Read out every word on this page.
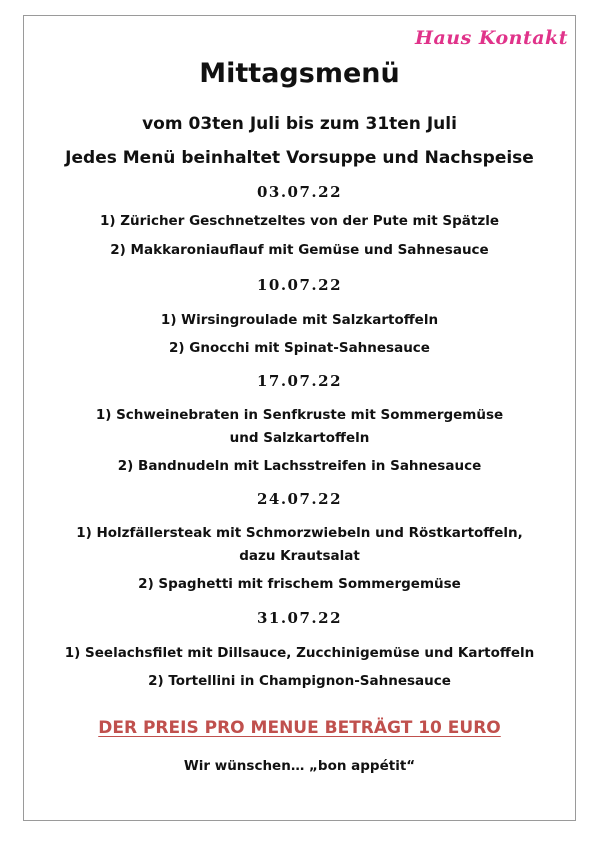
Haus Kontakt
Mittagsmenü
vom 03ten Juli bis zum 31ten Juli
Jedes Menü beinhaltet Vorsuppe und Nachspeise
03.07.22
1) Züricher Geschnetzeltes von der Pute mit Spätzle
2) Makkaroniauflauf mit Gemüse und Sahnesauce
10.07.22
1) Wirsingroulade mit Salzkartoffeln
2) Gnocchi mit Spinat-Sahnesauce
17.07.22
1) Schweinebraten in Senfkruste mit Sommergemüse
und Salzkartoffeln
2) Bandnudeln mit Lachsstreifen in Sahnesauce
24.07.22
1) Holzfällersteak mit Schmorzwiebeln und Röstkartoffeln,
dazu Krautsalat
2) Spaghetti mit frischem Sommergemüse
31.07.22
1) Seelachsfilet mit Dillsauce, Zucchinigemüse und Kartoffeln
2) Tortellini in Champignon-Sahnesauce
DER PREIS PRO MENUE BETRÄGT 10 EURO
Wir wünschen… „bon appétit“
